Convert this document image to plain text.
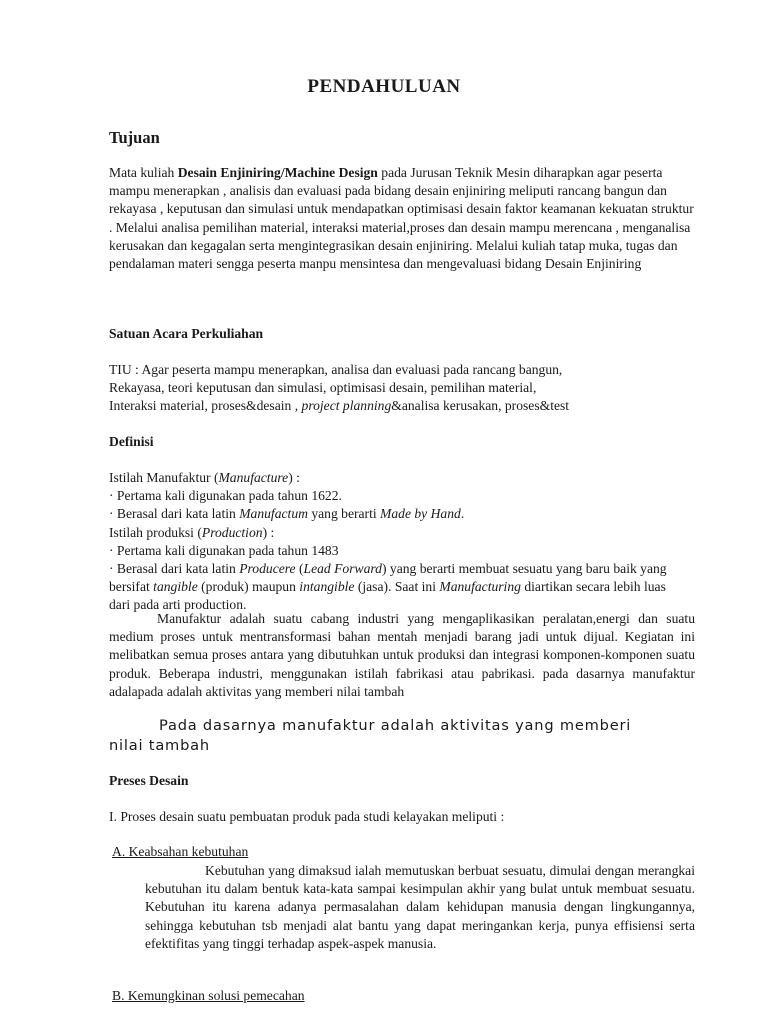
PENDAHULUAN
Tujuan
Mata kuliah Desain Enjiniring/Machine Design pada Jurusan Teknik Mesin diharapkan agar peserta mampu menerapkan , analisis dan evaluasi pada bidang desain enjiniring meliputi rancang bangun dan rekayasa , keputusan dan simulasi untuk mendapatkan optimisasi desain faktor keamanan kekuatan struktur . Melalui analisa pemilihan material, interaksi material,proses dan desain mampu merencana , menganalisa kerusakan dan kegagalan serta mengintegrasikan desain enjiniring. Melalui kuliah tatap muka, tugas dan pendalaman materi sengga peserta manpu mensintesa dan mengevaluasi bidang Desain Enjiniring
Satuan Acara Perkuliahan
TIU : Agar peserta mampu menerapkan, analisa dan evaluasi pada rancang bangun,
Rekayasa, teori keputusan dan simulasi, optimisasi desain, pemilihan material,
Interaksi material, proses&desain , project planning&analisa kerusakan, proses&test
Definisi
Istilah Manufaktur (Manufacture) :
· Pertama kali digunakan pada tahun 1622.
· Berasal dari kata latin Manufactum yang berarti Made by Hand.
Istilah produksi (Production) :
· Pertama kali digunakan pada tahun 1483
· Berasal dari kata latin Producere (Lead Forward) yang berarti membuat sesuatu yang baru baik yang bersifat tangible (produk) maupun intangible (jasa). Saat ini Manufacturing diartikan secara lebih luas dari pada arti production.
Manufaktur adalah suatu cabang industri yang mengaplikasikan peralatan,energi dan suatu medium proses untuk mentransformasi bahan mentah menjadi barang jadi untuk dijual. Kegiatan ini melibatkan semua proses antara yang dibutuhkan untuk produksi dan integrasi komponen-komponen suatu produk. Beberapa industri, menggunakan istilah fabrikasi atau pabrikasi. pada dasarnya manufaktur adalapada adalah aktivitas yang memberi nilai tambah
Pada dasarnya manufaktur adalah aktivitas yang memberi nilai tambah
Preses Desain
I. Proses desain suatu pembuatan produk pada studi kelayakan meliputi :
A. Keabsahan kebutuhan
Kebutuhan yang dimaksud ialah memutuskan berbuat sesuatu, dimulai dengan merangkai kebutuhan itu dalam bentuk kata-kata sampai kesimpulan akhir yang bulat untuk membuat sesuatu. Kebutuhan itu karena adanya permasalahan dalam kehidupan manusia dengan lingkungannya, sehingga kebutuhan tsb menjadi alat bantu yang dapat meringankan kerja, punya effisiensi serta efektifitas yang tinggi terhadap aspek-aspek manusia.
B. Kemungkinan solusi pemecahan
